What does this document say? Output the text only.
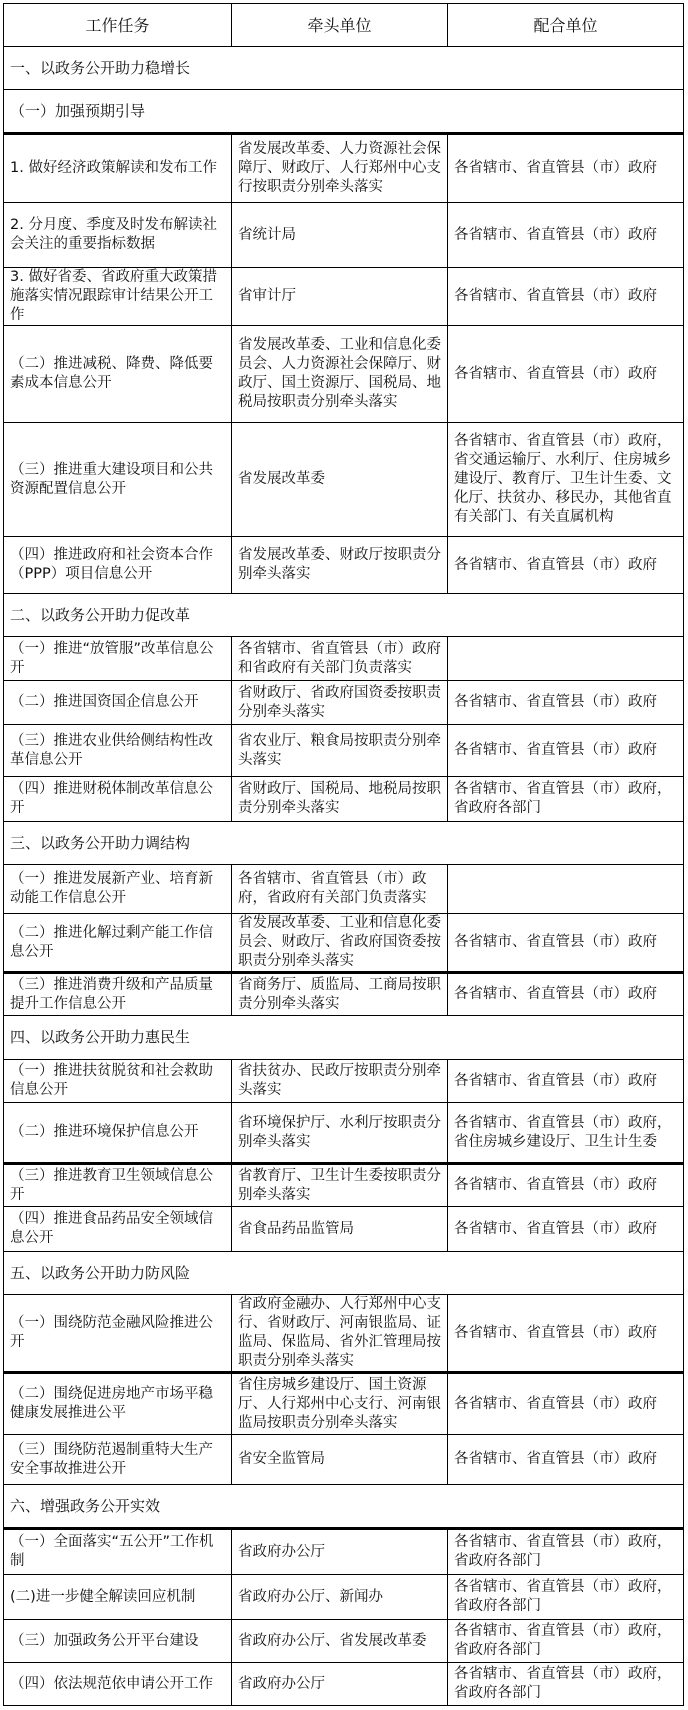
工作任务	牵头单位	配合单位
一、以政务公开助力稳增长		
（一）加强预期引导		
1. 做好经济政策解读和发布工作	省发展改革委、人力资源社会保障厅、财政厅、人行郑州中心支行按职责分别牵头落实	各省辖市、省直管县（市）政府
2. 分月度、季度及时发布解读社会关注的重要指标数据	省统计局	各省辖市、省直管县（市）政府
3. 做好省委、省政府重大政策措施落实情况跟踪审计结果公开工作	省审计厅	各省辖市、省直管县（市）政府
（二）推进减税、降费、降低要素成本信息公开	省发展改革委、工业和信息化委员会、人力资源社会保障厅、财政厅、国土资源厅、国税局、地税局按职责分别牵头落实	各省辖市、省直管县（市）政府
（三）推进重大建设项目和公共资源配置信息公开	省发展改革委	各省辖市、省直管县（市）政府，省交通运输厅、水利厅、住房城乡建设厅、教育厅、卫生计生委、文化厅、扶贫办、移民办，其他省直有关部门、有关直属机构
（四）推进政府和社会资本合作（PPP）项目信息公开	省发展改革委、财政厅按职责分别牵头落实	各省辖市、省直管县（市）政府
二、以政务公开助力促改革		
（一）推进“放管服”改革信息公开	各省辖市、省直管县（市）政府和省政府有关部门负责落实	
（二）推进国资国企信息公开	省财政厅、省政府国资委按职责分别牵头落实	各省辖市、省直管县（市）政府
（三）推进农业供给侧结构性改革信息公开	省农业厅、粮食局按职责分别牵头落实	各省辖市、省直管县（市）政府
（四）推进财税体制改革信息公开	省财政厅、国税局、地税局按职责分别牵头落实	各省辖市、省直管县（市）政府，省政府各部门
三、以政务公开助力调结构		
（一）推进发展新产业、培育新动能工作信息公开	各省辖市、省直管县（市）政府，省政府有关部门负责落实	
（二）推进化解过剩产能工作信息公开	省发展改革委、工业和信息化委员会、财政厅、省政府国资委按职责分别牵头落实	各省辖市、省直管县（市）政府
（三）推进消费升级和产品质量提升工作信息公开	省商务厅、质监局、工商局按职责分别牵头落实	各省辖市、省直管县（市）政府
四、以政务公开助力惠民生		
（一）推进扶贫脱贫和社会救助信息公开	省扶贫办、民政厅按职责分别牵头落实	各省辖市、省直管县（市）政府
（二）推进环境保护信息公开	省环境保护厅、水利厅按职责分别牵头落实	各省辖市、省直管县（市）政府，省住房城乡建设厅、卫生计生委
（三）推进教育卫生领域信息公开	省教育厅、卫生计生委按职责分别牵头落实	各省辖市、省直管县（市）政府
（四）推进食品药品安全领域信息公开	省食品药品监管局	各省辖市、省直管县（市）政府
五、以政务公开助力防风险		
（一）围绕防范金融风险推进公开	省政府金融办、人行郑州中心支行、省财政厅、河南银监局、证监局、保监局、省外汇管理局按职责分别牵头落实	各省辖市、省直管县（市）政府
（二）围绕促进房地产市场平稳健康发展推进公平	省住房城乡建设厅、国土资源厅、人行郑州中心支行、河南银监局按职责分别牵头落实	各省辖市、省直管县（市）政府
（三）围绕防范遏制重特大生产安全事故推进公开	省安全监管局	各省辖市、省直管县（市）政府
六、增强政务公开实效		
（一）全面落实“五公开”工作机制	省政府办公厅	各省辖市、省直管县（市）政府，省政府各部门
(二)进一步健全解读回应机制	省政府办公厅、新闻办	各省辖市、省直管县（市）政府，省政府各部门
（三）加强政务公开平台建设	省政府办公厅、省发展改革委	各省辖市、省直管县（市）政府，省政府各部门
（四）依法规范依申请公开工作	省政府办公厅	各省辖市、省直管县（市）政府，省政府各部门
